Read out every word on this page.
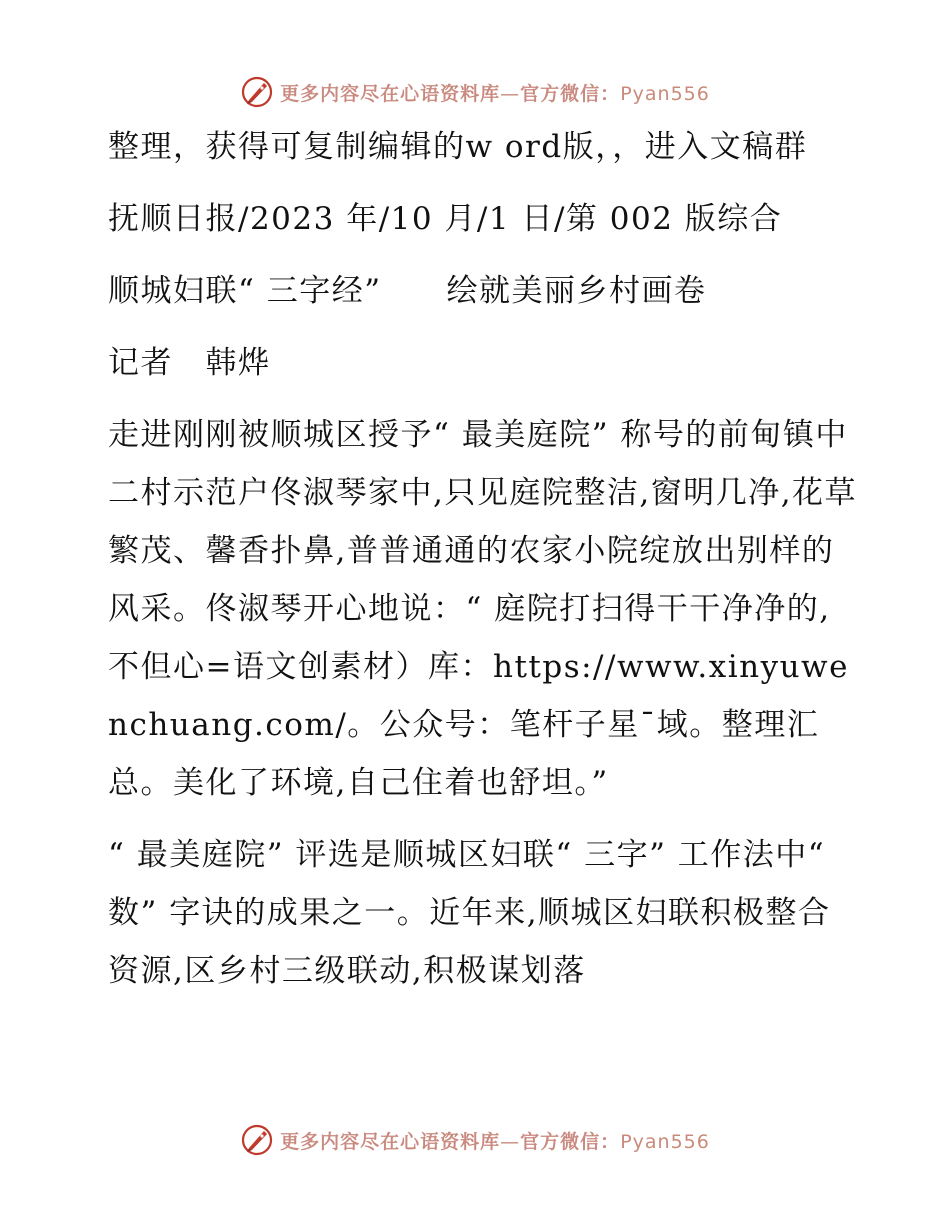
更多内容尽在心语资料库—官方微信：Pyan556

整理，获得可复制编辑的w ord版，，进入文稿群

抚顺日报/2023 年/10 月/1 日/第 002 版综合

顺城妇联“ 三字经”　　绘就美丽乡村画卷

记者　韩烨

走进刚刚被顺城区授予“ 最美庭院” 称号的前甸镇中二村示范户佟淑琴家中,只见庭院整洁,窗明几净,花草繁茂、馨香扑鼻,普普通通的农家小院绽放出别样的风采。佟淑琴开心地说：“ 庭院打扫得干干净净的,不但心=语文创素材）库：https://www.xinyuwenchuang.com/。公众号：笔杆子星¯域。整理汇总。美化了环境,自己住着也舒坦。”

“ 最美庭院” 评选是顺城区妇联“ 三字” 工作法中“ 数” 字诀的成果之一。近年来,顺城区妇联积极整合资源,区乡村三级联动,积极谋划落

更多内容尽在心语资料库—官方微信：Pyan556
